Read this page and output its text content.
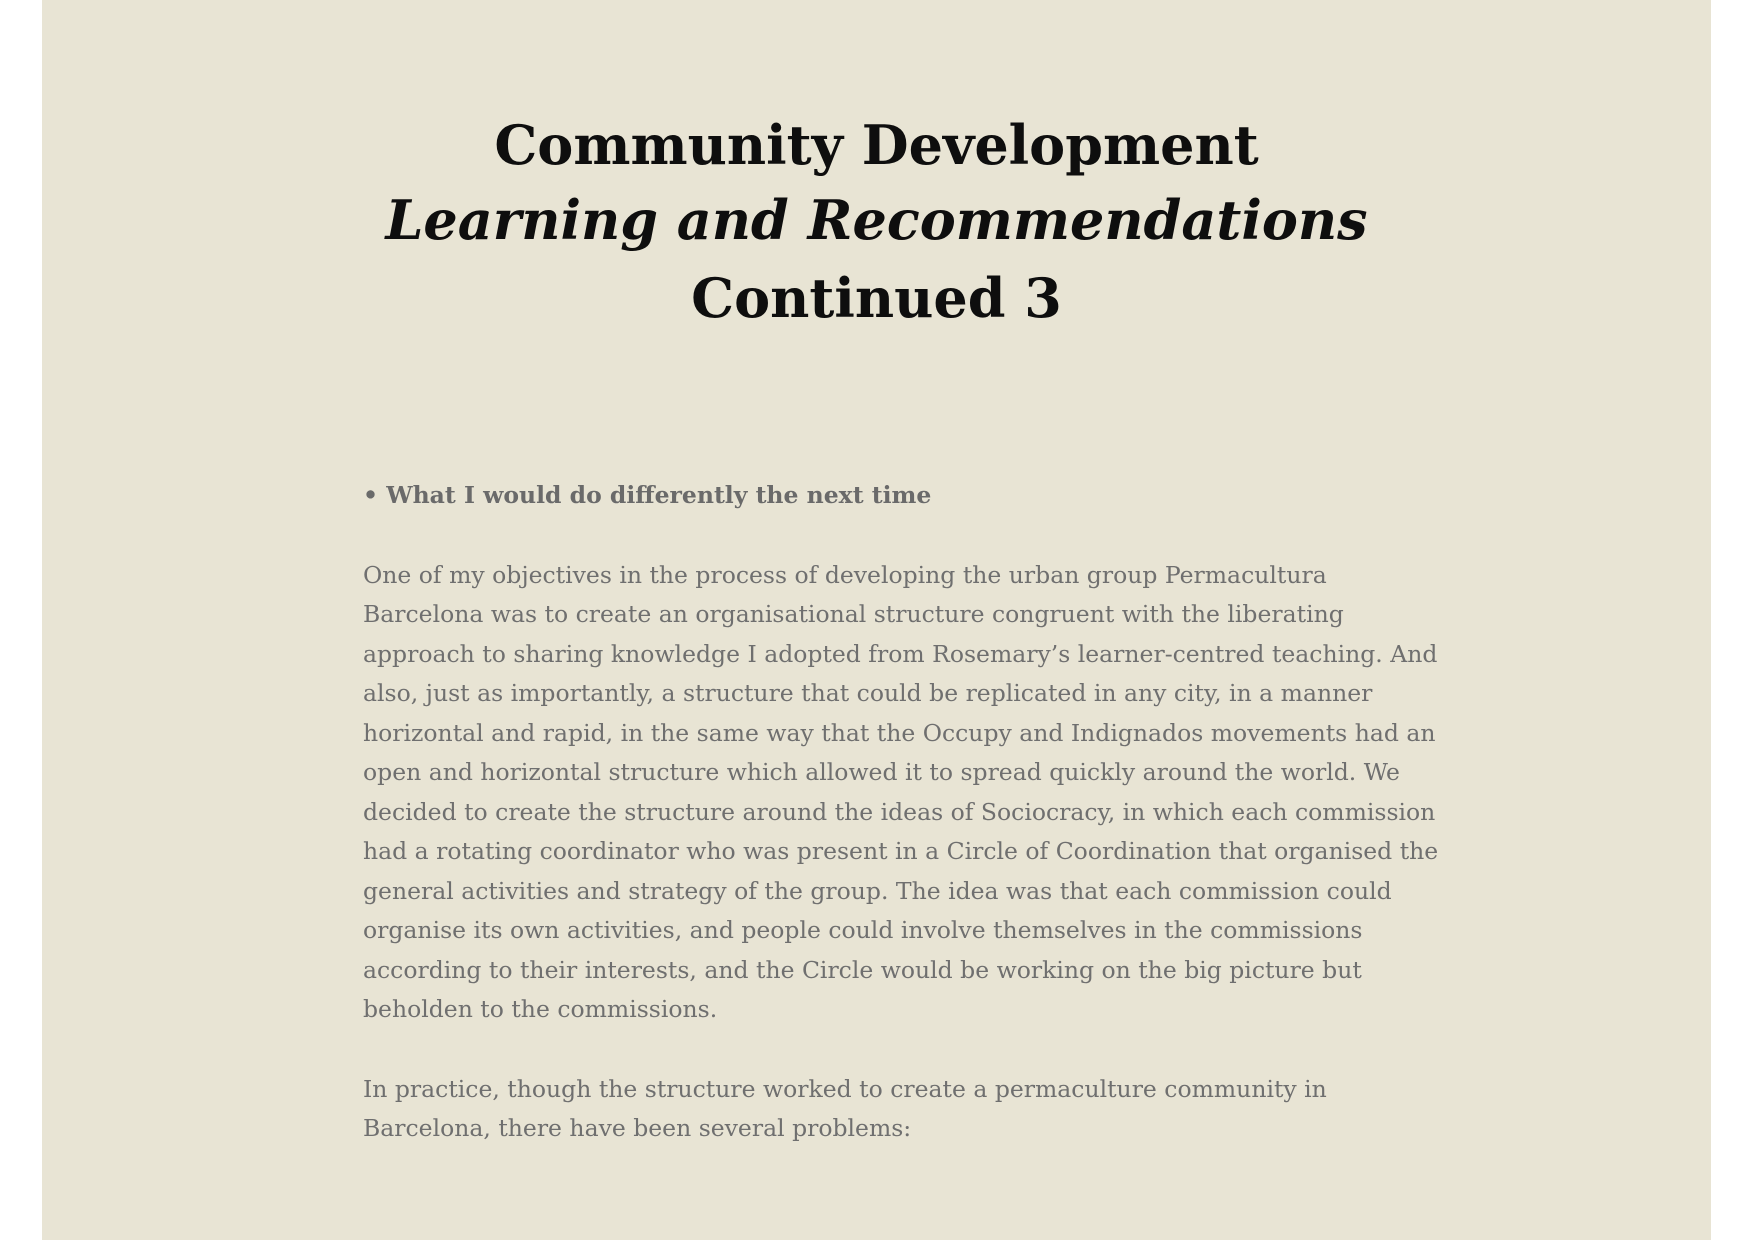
Community Development
Learning and Recommendations
Continued 3

• What I would do differently the next time

One of my objectives in the process of developing the urban group Permacultura Barcelona was to create an organisational structure congruent with the liberating approach to sharing knowledge I adopted from Rosemary’s learner-centred teaching. And also, just as importantly, a structure that could be replicated in any city, in a manner horizontal and rapid, in the same way that the Occupy and Indignados movements had an open and horizontal structure which allowed it to spread quickly around the world. We decided to create the structure around the ideas of Sociocracy, in which each commission had a rotating coordinator who was present in a Circle of Coordination that organised the general activities and strategy of the group. The idea was that each commission could organise its own activities, and people could involve themselves in the commissions according to their interests, and the Circle would be working on the big picture but beholden to the commissions.

In practice, though the structure worked to create a permaculture community in Barcelona, there have been several problems:
